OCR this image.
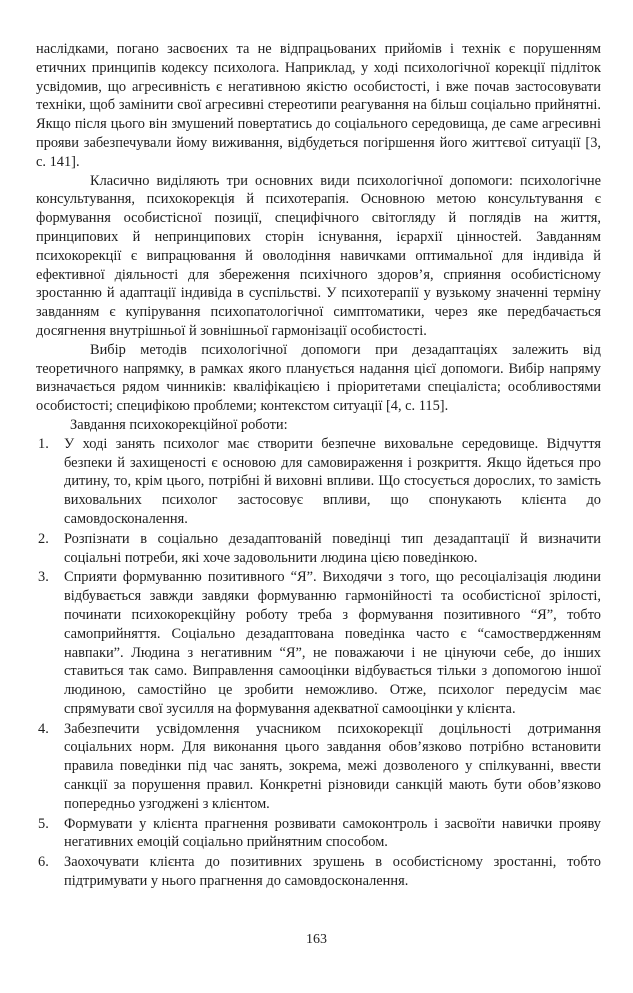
наслідками, погано засвоєних та не відпрацьованих прийомів і технік є порушенням етичних принципів кодексу психолога. Наприклад, у ході психологічної корекції підліток усвідомив, що агресивність є негативною якістю особистості, і вже почав застосовувати техніки, щоб замінити свої агресивні стереотипи реагування на більш соціально прийнятні. Якщо після цього він змушений повертатись до соціального середовища, де саме агресивні прояви забезпечували йому виживання, відбудеться погіршення його життєвої ситуації [3, с. 141].

Класично виділяють три основних види психологічної допомоги: психологічне консультування, психокорекція й психотерапія. Основною метою консультування є формування особистісної позиції, специфічного світогляду й поглядів на життя, принципових й непринципових сторін існування, ієрархії цінностей. Завданням психокорекції є випрацювання й оволодіння навичками оптимальної для індивіда й ефективної діяльності для збереження психічного здоров’я, сприяння особистісному зростанню й адаптації індивіда в суспільстві. У психотерапії у вузькому значенні терміну завданням є купірування психопатологічної симптоматики, через яке передбачається досягнення внутрішньої й зовнішньої гармонізації особистості.

Вибір методів психологічної допомоги при дезадаптаціях залежить від теоретичного напрямку, в рамках якого планується надання цієї допомоги. Вибір напряму визначається рядом чинників: кваліфікацією і пріоритетами спеціаліста; особливостями особистості; специфікою проблеми; контекстом ситуації [4, с. 115].

Завдання психокорекційної роботи:

1. У ході занять психолог має створити безпечне виховальне середовище. Відчуття безпеки й захищеності є основою для самовираження і розкриття. Якщо йдеться про дитину, то, крім цього, потрібні й виховні впливи. Що стосується дорослих, то замість виховальних психолог застосовує впливи, що спонукають клієнта до самовдосконалення.
2. Розпізнати в соціально дезадаптованій поведінці тип дезадаптації й визначити соціальні потреби, які хоче задовольнити людина цією поведінкою.
3. Сприяти формуванню позитивного “Я”. Виходячи з того, що ресоціалізація людини відбувається завжди завдяки формуванню гармонійності та особистісної зрілості, починати психокорекційну роботу треба з формування позитивного “Я”, тобто самоприйняття. Соціально дезадаптована поведінка часто є “самоствердженням навпаки”. Людина з негативним “Я”, не поважаючи і не цінуючи себе, до інших ставиться так само. Виправлення самооцінки відбувається тільки з допомогою іншої людиною, самостійно це зробити неможливо. Отже, психолог передусім має спрямувати свої зусилля на формування адекватної самооцінки у клієнта.
4. Забезпечити усвідомлення учасником психокорекції доцільності дотримання соціальних норм. Для виконання цього завдання обов’язково потрібно встановити правила поведінки під час занять, зокрема, межі дозволеного у спілкуванні, ввести санкції за порушення правил. Конкретні різновиди санкцій мають бути обов’язково попередньо узгоджені з клієнтом.
5. Формувати у клієнта прагнення розвивати самоконтроль і засвоїти навички прояву негативних емоцій соціально прийнятним способом.
6. Заохочувати клієнта до позитивних зрушень в особистісному зростанні, тобто підтримувати у нього прагнення до самовдосконалення.
163
